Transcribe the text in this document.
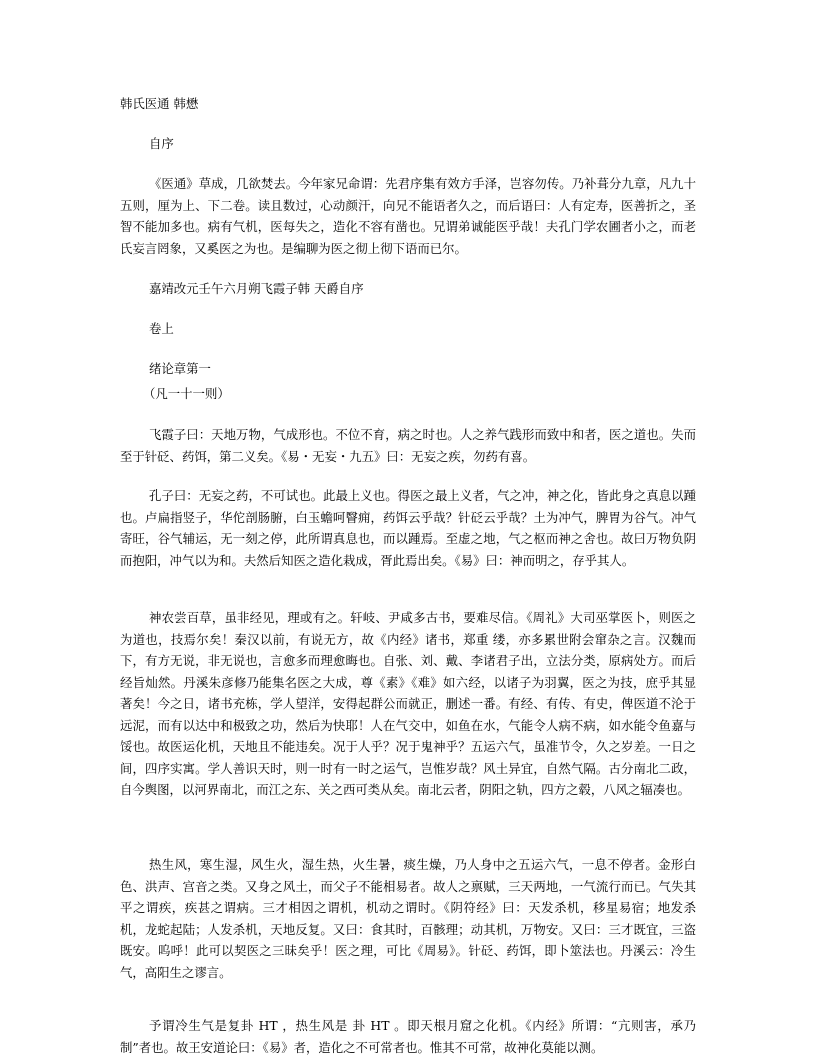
韩氏医通 韩懋
自序

《医通》草成，几欲焚去。今年家兄命谓：先君序集有效方手泽，岂容勿传。乃补葺分九章，凡九十五则，厘为上、下二卷。读且数过，心动颜汗，向兄不能语者久之，而后语曰：人有定寿，医善折之，圣智不能加多也。病有气机，医每失之，造化不容有凿也。兄谓弟诚能医乎哉！夫孔门学农圃者小之，而老氏妄言罔象，又奚医之为也。是编聊为医之彻上彻下语而已尔。

嘉靖改元壬午六月朔飞霞子韩 天爵自序
卷上
绪论章第一
（凡一十一则）

飞霞子曰：天地万物，气成形也。不位不育，病之时也。人之养气践形而致中和者，医之道也。失而至于针砭、药饵，第二义矣。《易・无妄・九五》曰：无妄之疾，勿药有喜。

孔子曰：无妄之药，不可试也。此最上义也。得医之最上义者，气之冲，神之化，皆此身之真息以踵也。卢扁指竖子，华佗剖肠腑，白玉蟾呵瞖痈，药饵云乎哉？针砭云乎哉？土为冲气，脾胃为谷气。冲气寄旺，谷气辅运，无一刻之停，此所谓真息也，而以踵焉。至虚之地，气之枢而神之舍也。故曰万物负阴而抱阳，冲气以为和。夫然后知医之造化栽成，胥此焉出矣。《易》曰：神而明之，存乎其人。

神农尝百草，虽非经见，理或有之。轩岐、尹咸多古书，要难尽信。《周礼》大司巫掌医卜，则医之为道也，技焉尔矣！秦汉以前，有说无方，故《内经》诸书，郑重 缕，亦多累世附会窜杂之言。汉魏而下，有方无说，非无说也，言愈多而理愈晦也。自张、刘、戴、李诸君子出，立法分类，原病处方。而后经旨灿然。丹溪朱彦修乃能集名医之大成，尊《素》《难》如六经，以诸子为羽翼，医之为技，庶乎其显著矣！今之日，诸书充栋，学人望洋，安得起群公而就正，删述一番。有经、有传、有史，俾医道不沦于远泥，而有以达中和极致之功，然后为快耶！人在气交中，如鱼在水，气能令人病不病，如水能令鱼嘉与馁也。故医运化机，天地且不能违矣。况于人乎？况于鬼神乎？五运六气，虽准节令，久之岁差。一日之间，四序实寓。学人善识天时，则一时有一时之运气，岂惟岁哉？风土异宜，自然气隔。古分南北二政，自今舆图，以河界南北，而江之东、关之西可类从矣。南北云者，阴阳之轨，四方之毂，八风之辐凑也。

热生风，寒生湿，风生火，湿生热，火生暑，痰生燥，乃人身中之五运六气，一息不停者。金形白色、洪声、宫音之类。又身之风土，而父子不能相易者。故人之禀赋，三天两地，一气流行而已。气失其平之谓疾，疾甚之谓病。三才相因之谓机，机动之谓时。《阴符经》曰：天发杀机，移星易宿；地发杀机，龙蛇起陆；人发杀机，天地反复。又曰：食其时，百骸理；动其机，万物安。又曰：三才既宜，三盗既安。呜呼！此可以契医之三昧矣乎！医之理，可比《周易》。针砭、药饵，即卜筮法也。丹溪云：冷生气，高阳生之谬言。

予谓冷生气是复卦 HT ，热生风是 卦 HT 。即天根月窟之化机。《内经》所谓：“亢则害，承乃制”者也。故王安道论曰：《易》者，造化之不可常者也。惟其不可常，故神化莫能以测。
